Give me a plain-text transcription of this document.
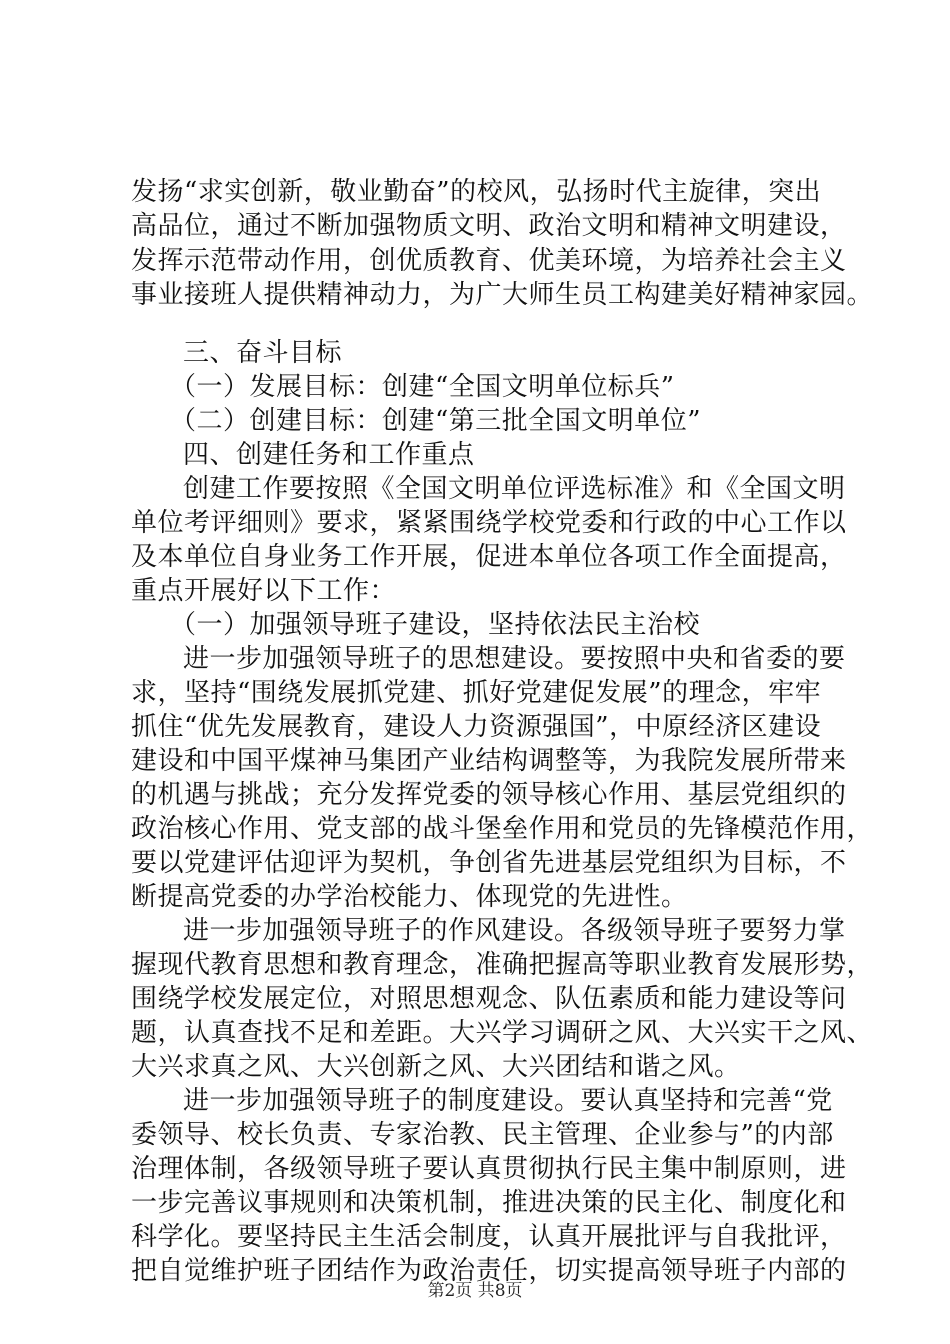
发扬“求实创新，敬业勤奋”的校风，弘扬时代主旋律，突出
高品位，通过不断加强物质文明、政治文明和精神文明建设，
发挥示范带动作用，创优质教育、优美环境，为培养社会主义
事业接班人提供精神动力，为广大师生员工构建美好精神家园。
三、奋斗目标
（一）发展目标：创建“全国文明单位标兵”
（二）创建目标：创建“第三批全国文明单位”
四、创建任务和工作重点
创建工作要按照《全国文明单位评选标准》和《全国文明
单位考评细则》要求，紧紧围绕学校党委和行政的中心工作以
及本单位自身业务工作开展，促进本单位各项工作全面提高，
重点开展好以下工作：
（一）加强领导班子建设，坚持依法民主治校
进一步加强领导班子的思想建设。要按照中央和省委的要
求，坚持“围绕发展抓党建、抓好党建促发展”的理念，牢牢
抓住“优先发展教育，建设人力资源强国”，中原经济区建设
建设和中国平煤神马集团产业结构调整等，为我院发展所带来
的机遇与挑战；充分发挥党委的领导核心作用、基层党组织的
政治核心作用、党支部的战斗堡垒作用和党员的先锋模范作用，
要以党建评估迎评为契机，争创省先进基层党组织为目标，不
断提高党委的办学治校能力、体现党的先进性。
进一步加强领导班子的作风建设。各级领导班子要努力掌
握现代教育思想和教育理念，准确把握高等职业教育发展形势，
围绕学校发展定位，对照思想观念、队伍素质和能力建设等问
题，认真查找不足和差距。大兴学习调研之风、大兴实干之风、
大兴求真之风、大兴创新之风、大兴团结和谐之风。
进一步加强领导班子的制度建设。要认真坚持和完善“党
委领导、校长负责、专家治教、民主管理、企业参与”的内部
治理体制，各级领导班子要认真贯彻执行民主集中制原则，进
一步完善议事规则和决策机制，推进决策的民主化、制度化和
科学化。要坚持民主生活会制度，认真开展批评与自我批评，
把自觉维护班子团结作为政治责任，切实提高领导班子内部的
第2页 共8页
